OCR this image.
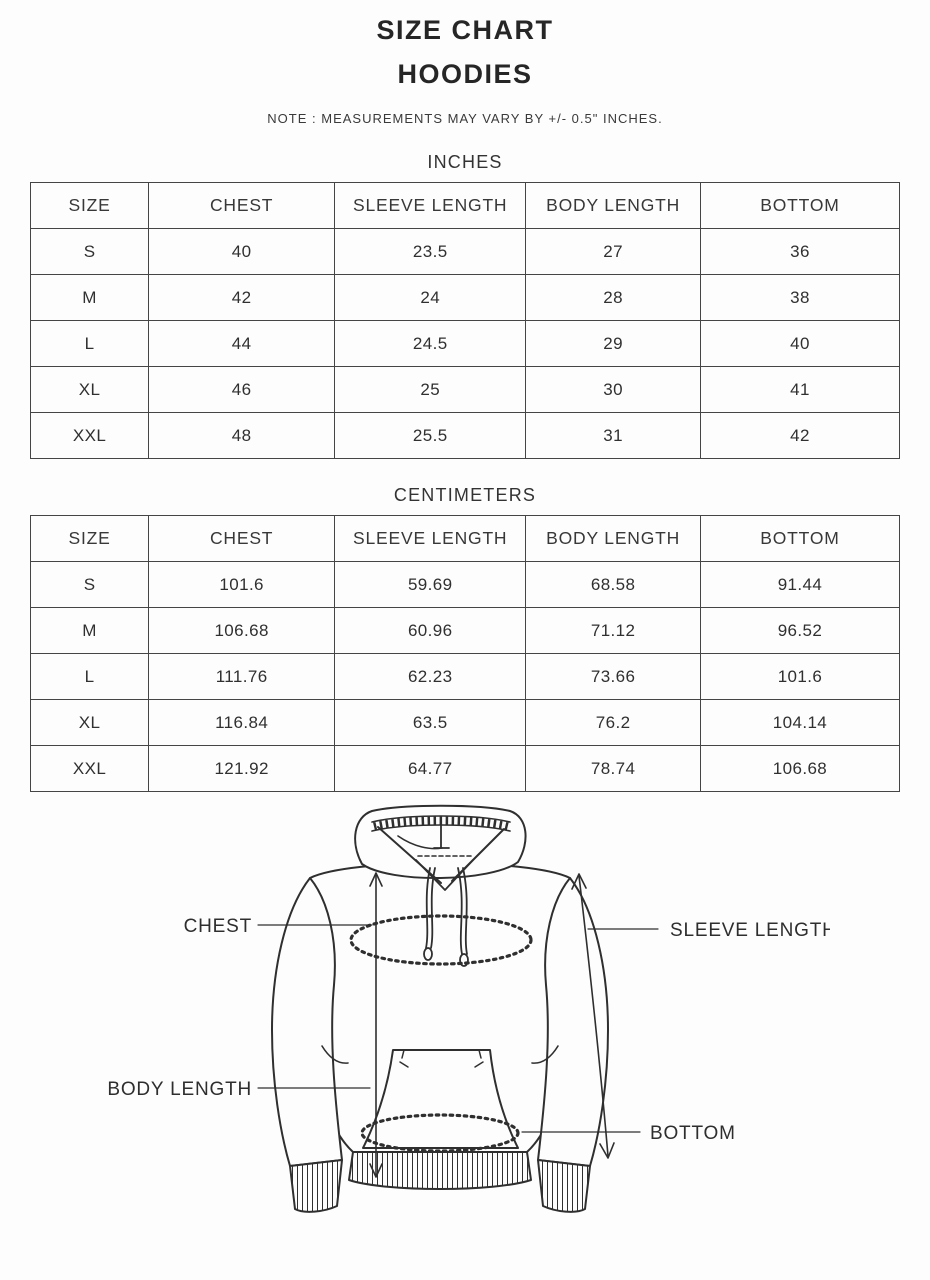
SIZE CHART
HOODIES
NOTE : MEASUREMENTS MAY VARY BY +/- 0.5" INCHES.
INCHES
SIZE	CHEST	SLEEVE LENGTH	BODY LENGTH	BOTTOM
S	40	23.5	27	36
M	42	24	28	38
L	44	24.5	29	40
XL	46	25	30	41
XXL	48	25.5	31	42
CENTIMETERS
SIZE	CHEST	SLEEVE LENGTH	BODY LENGTH	BOTTOM
S	101.6	59.69	68.58	91.44
M	106.68	60.96	71.12	96.52
L	111.76	62.23	73.66	101.6
XL	116.84	63.5	76.2	104.14
XXL	121.92	64.77	78.74	106.68
CHEST	SLEEVE LENGTH
BODY LENGTH
BOTTOM
